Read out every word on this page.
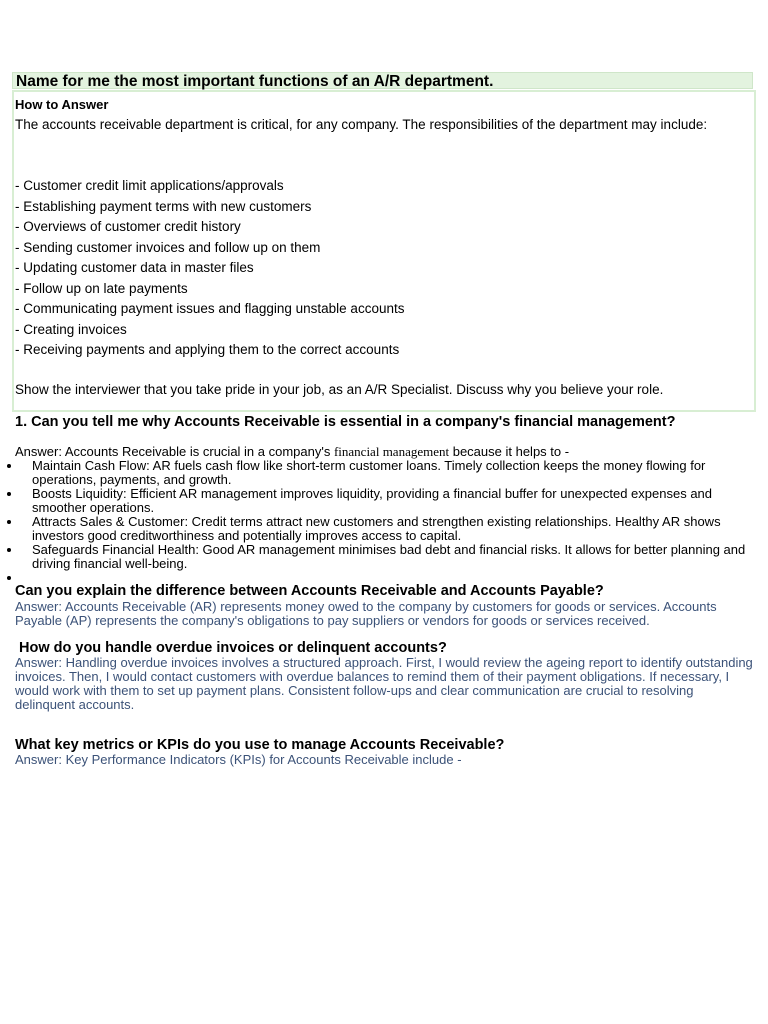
Name for me the most important functions of an A/R department.
How to Answer
The accounts receivable department is critical, for any company. The responsibilities of the department may include:
- Customer credit limit applications/approvals
- Establishing payment terms with new customers
- Overviews of customer credit history
- Sending customer invoices and follow up on them
- Updating customer data in master files
- Follow up on late payments
- Communicating payment issues and flagging unstable accounts
- Creating invoices
- Receiving payments and applying them to the correct accounts
Show the interviewer that you take pride in your job, as an A/R Specialist. Discuss why you believe your role.
1. Can you tell me why Accounts Receivable is essential in a company's financial management?
Answer: Accounts Receivable is crucial in a company's financial management because it helps to -
Maintain Cash Flow: AR fuels cash flow like short-term customer loans. Timely collection keeps the money flowing for operations, payments, and growth.
Boosts Liquidity: Efficient AR management improves liquidity, providing a financial buffer for unexpected expenses and smoother operations.
Attracts Sales & Customer: Credit terms attract new customers and strengthen existing relationships. Healthy AR shows investors good creditworthiness and potentially improves access to capital.
Safeguards Financial Health: Good AR management minimises bad debt and financial risks. It allows for better planning and driving financial well-being.
Can you explain the difference between Accounts Receivable and Accounts Payable?
Answer: Accounts Receivable (AR) represents money owed to the company by customers for goods or services. Accounts Payable (AP) represents the company's obligations to pay suppliers or vendors for goods or services received.
How do you handle overdue invoices or delinquent accounts?
Answer: Handling overdue invoices involves a structured approach. First, I would review the ageing report to identify outstanding invoices. Then, I would contact customers with overdue balances to remind them of their payment obligations. If necessary, I would work with them to set up payment plans. Consistent follow-ups and clear communication are crucial to resolving delinquent accounts.
What key metrics or KPIs do you use to manage Accounts Receivable?
Answer: Key Performance Indicators (KPIs) for Accounts Receivable include -
